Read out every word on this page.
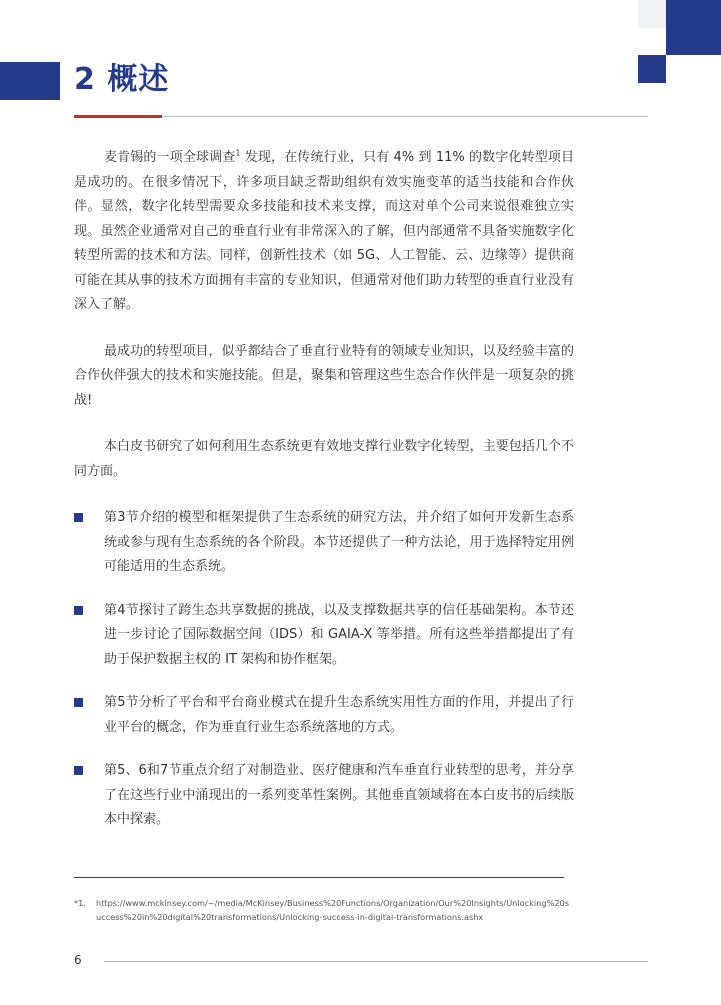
2 概述

麦肯锡的一项全球调查$^1$ 发现，在传统行业，只有 4% 到 11% 的数字化转型项目是成功的。在很多情况下，许多项目缺乏帮助组织有效实施变革的适当技能和合作伙伴。显然，数字化转型需要众多技能和技术来支撑，而这对单个公司来说很难独立实现。虽然企业通常对自己的垂直行业有非常深入的了解，但内部通常不具备实施数字化转型所需的技术和方法。同样，创新性技术（如 5G、人工智能、云、边缘等）提供商可能在其从事的技术方面拥有丰富的专业知识，但通常对他们助力转型的垂直行业没有深入了解。

最成功的转型项目，似乎都结合了垂直行业特有的领域专业知识，以及经验丰富的合作伙伴强大的技术和实施技能。但是，聚集和管理这些生态合作伙伴是一项复杂的挑战!

本白皮书研究了如何利用生态系统更有效地支撑行业数字化转型，主要包括几个不同方面。

第3节介绍的模型和框架提供了生态系统的研究方法，并介绍了如何开发新生态系统或参与现有生态系统的各个阶段。本节还提供了一种方法论，用于选择特定用例可能适用的生态系统。
第4节探讨了跨生态共享数据的挑战，以及支撑数据共享的信任基础架构。本节还进一步讨论了国际数据空间（IDS）和 GAIA-X 等举措。所有这些举措都提出了有助于保护数据主权的 IT 架构和协作框架。
第5节分析了平台和平台商业模式在提升生态系统实用性方面的作用，并提出了行业平台的概念，作为垂直行业生态系统落地的方式。
第5、6和7节重点介绍了对制造业、医疗健康和汽车垂直行业转型的思考，并分享了在这些行业中涌现出的一系列变革性案例。其他垂直领域将在本白皮书的后续版本中探索。
*1.	https://www.mckinsey.com/~/media/McKinsey/Business%20Functions/Organization/Our%20Insights/Unlocking%20success%20in%20digital%20transformations/Unlocking-success-in-digital-transformations.ashx
6
